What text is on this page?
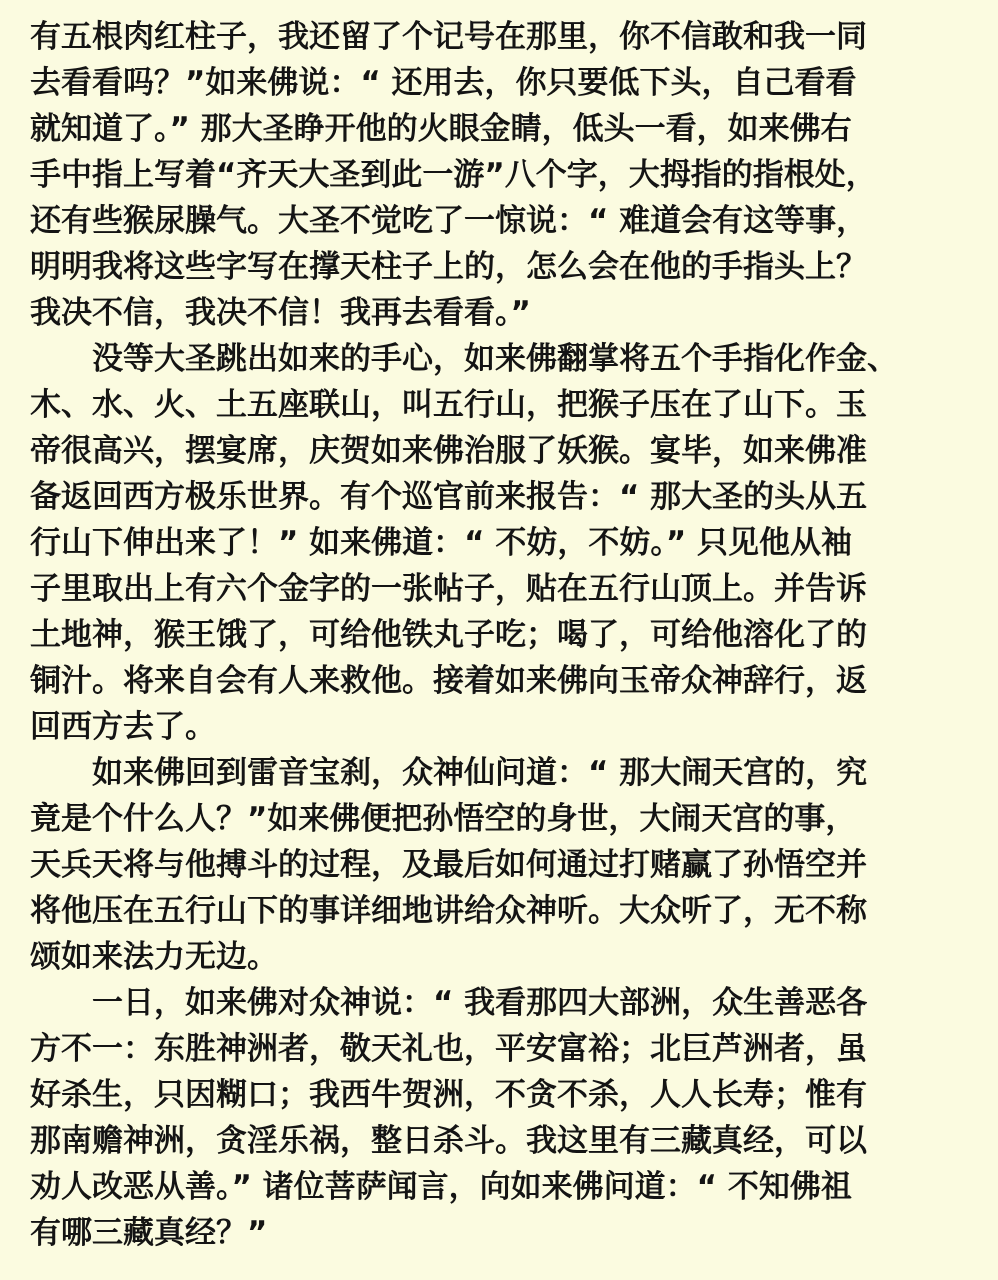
有五根肉红柱子，我还留了个记号在那里，你不信敢和我一同
去看看吗？”如来佛说：“ 还用去，你只要低下头，自己看看
就知道了。” 那大圣睁开他的火眼金睛，低头一看，如来佛右
手中指上写着“齐天大圣到此一游”八个字，大拇指的指根处，
还有些猴尿臊气。大圣不觉吃了一惊说：“ 难道会有这等事，
明明我将这些字写在撑天柱子上的，怎么会在他的手指头上？
我决不信，我决不信！我再去看看。”

　　没等大圣跳出如来的手心，如来佛翻掌将五个手指化作金、
木、水、火、土五座联山，叫五行山，把猴子压在了山下。玉
帝很高兴，摆宴席，庆贺如来佛治服了妖猴。宴毕，如来佛准
备返回西方极乐世界。有个巡官前来报告：“ 那大圣的头从五
行山下伸出来了！” 如来佛道：“ 不妨，不妨。” 只见他从袖
子里取出上有六个金字的一张帖子，贴在五行山顶上。并告诉
土地神，猴王饿了，可给他铁丸子吃；喝了，可给他溶化了的
铜汁。将来自会有人来救他。接着如来佛向玉帝众神辞行，返
回西方去了。

　　如来佛回到雷音宝刹，众神仙问道：“ 那大闹天宫的，究
竟是个什么人？”如来佛便把孙悟空的身世，大闹天宫的事，
天兵天将与他搏斗的过程，及最后如何通过打赌赢了孙悟空并
将他压在五行山下的事详细地讲给众神听。大众听了，无不称
颂如来法力无边。

　　一日，如来佛对众神说：“ 我看那四大部洲，众生善恶各
方不一：东胜神洲者，敬天礼也，平安富裕；北巨芦洲者，虽
好杀生，只因糊口；我西牛贺洲，不贪不杀，人人长寿；惟有
那南赡神洲，贪淫乐祸，整日杀斗。我这里有三藏真经，可以
劝人改恶从善。” 诸位菩萨闻言，向如来佛问道：“ 不知佛祖
有哪三藏真经？”
